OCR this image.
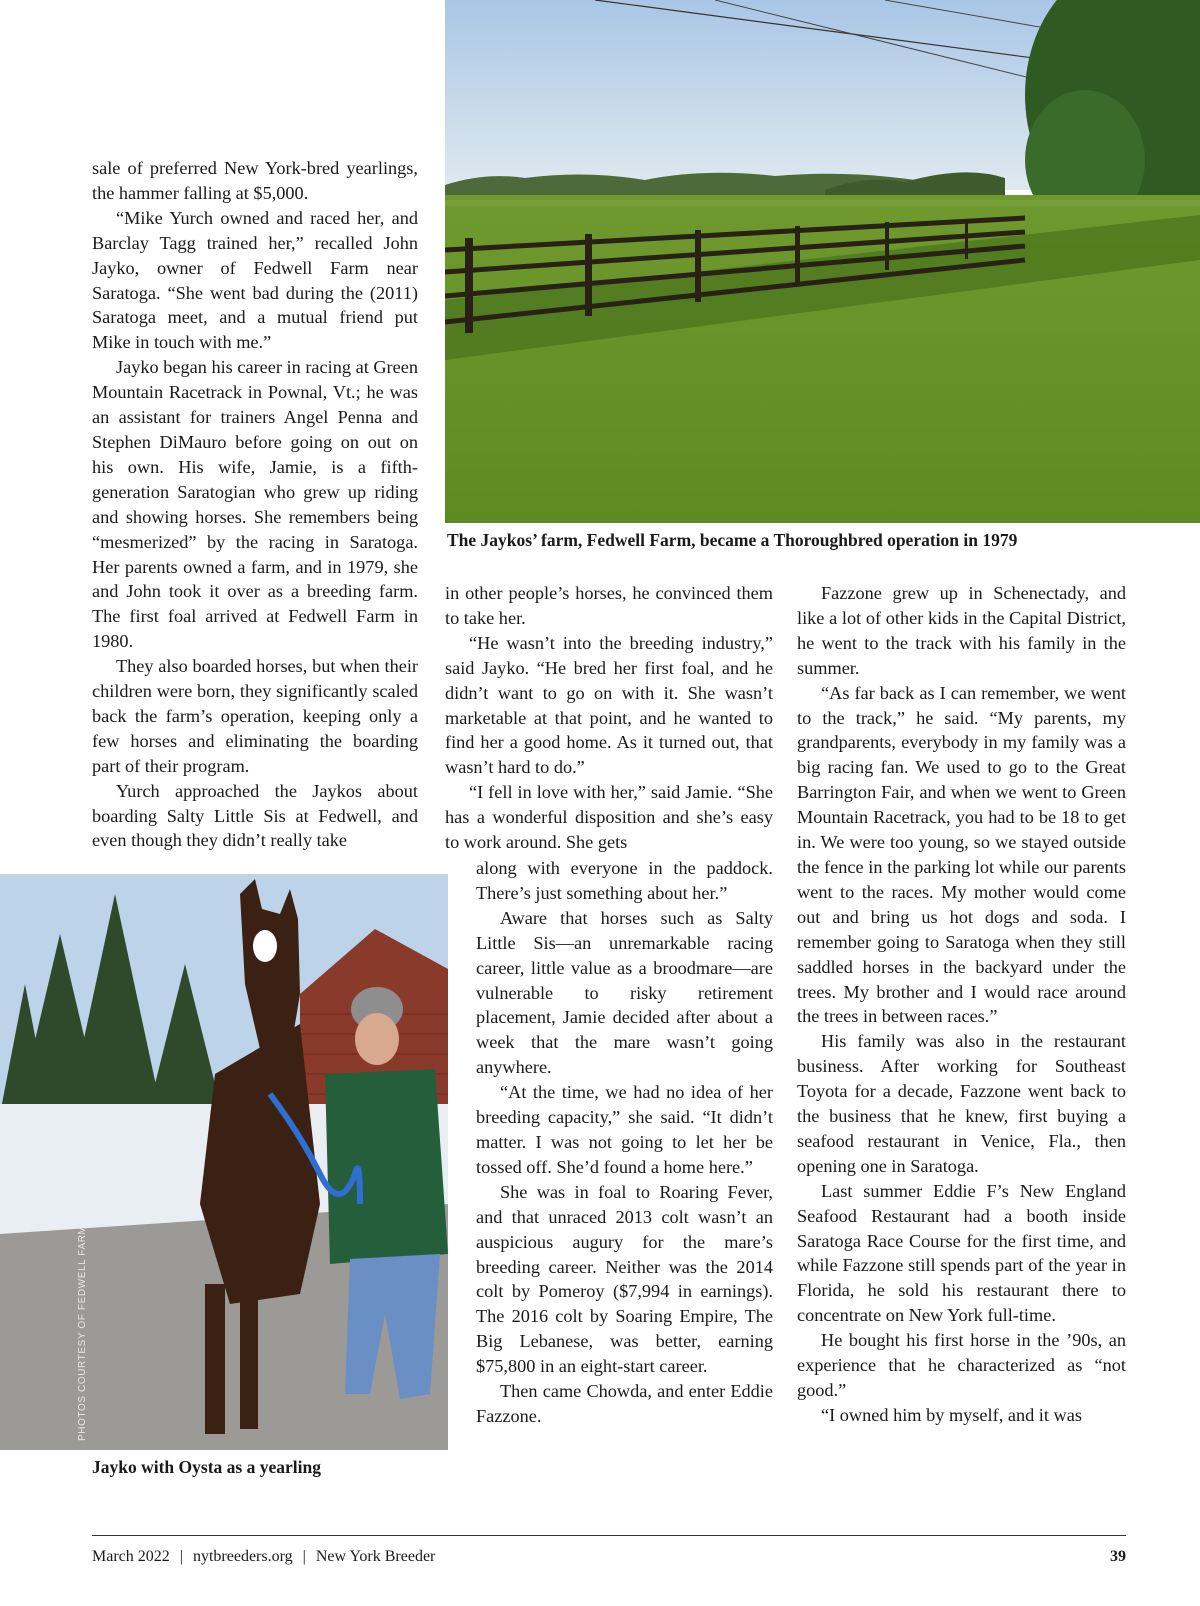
The Jaykos’ farm, Fedwell Farm, became a Thoroughbred operation in 1979

PHOTOS COURTESY OF FEDWELL FARM

Jayko with Oysta as a yearling

sale of preferred New York-bred yearlings, the hammer falling at $5,000.

“Mike Yurch owned and raced her, and Barclay Tagg trained her,” recalled John Jayko, owner of Fedwell Farm near Saratoga. “She went bad during the (2011) Saratoga meet, and a mutual friend put Mike in touch with me.”

Jayko began his career in racing at Green Mountain Racetrack in Pownal, Vt.; he was an assistant for trainers Angel Penna and Stephen DiMauro before going on out on his own. His wife, Jamie, is a fifth-generation Saratogian who grew up riding and showing horses. She remembers being “mesmerized” by the racing in Saratoga. Her parents owned a farm, and in 1979, she and John took it over as a breeding farm. The first foal arrived at Fedwell Farm in 1980.

They also boarded horses, but when their children were born, they significantly scaled back the farm’s operation, keeping only a few horses and eliminating the boarding part of their program.

Yurch approached the Jaykos about boarding Salty Little Sis at Fedwell, and even though they didn’t really take

in other people’s horses, he convinced them to take her.

“He wasn’t into the breeding industry,” said Jayko. “He bred her first foal, and he didn’t want to go on with it. She wasn’t marketable at that point, and he wanted to find her a good home. As it turned out, that wasn’t hard to do.”

“I fell in love with her,” said Jamie. “She has a wonderful disposition and she’s easy to work around. She gets

along with everyone in the paddock. There’s just something about her.”

Aware that horses such as Salty Little Sis—an unremarkable racing career, little value as a broodmare—are vulnerable to risky retirement placement, Jamie decided after about a week that the mare wasn’t going anywhere.

“At the time, we had no idea of her breeding capacity,” she said. “It didn’t matter. I was not going to let her be tossed off. She’d found a home here.”

She was in foal to Roaring Fever, and that unraced 2013 colt wasn’t an auspicious augury for the mare’s breeding career. Neither was the 2014 colt by Pomeroy ($7,994 in earnings). The 2016 colt by Soaring Empire, The Big Lebanese, was better, earning $75,800 in an eight-start career.

Then came Chowda, and enter Eddie Fazzone.

Fazzone grew up in Schenectady, and like a lot of other kids in the Capital District, he went to the track with his family in the summer.

“As far back as I can remember, we went to the track,” he said. “My parents, my grandparents, everybody in my family was a big racing fan. We used to go to the Great Barrington Fair, and when we went to Green Mountain Racetrack, you had to be 18 to get in. We were too young, so we stayed outside the fence in the parking lot while our parents went to the races. My mother would come out and bring us hot dogs and soda. I remember going to Saratoga when they still saddled horses in the backyard under the trees. My brother and I would race around the trees in between races.”

His family was also in the restaurant business. After working for Southeast Toyota for a decade, Fazzone went back to the business that he knew, first buying a seafood restaurant in Venice, Fla., then opening one in Saratoga.

Last summer Eddie F’s New England Seafood Restaurant had a booth inside Saratoga Race Course for the first time, and while Fazzone still spends part of the year in Florida, he sold his restaurant there to concentrate on New York full-time.

He bought his first horse in the ’90s, an experience that he characterized as “not good.”

“I owned him by myself, and it was

March 2022 | nytbreeders.org | New York Breeder	39
